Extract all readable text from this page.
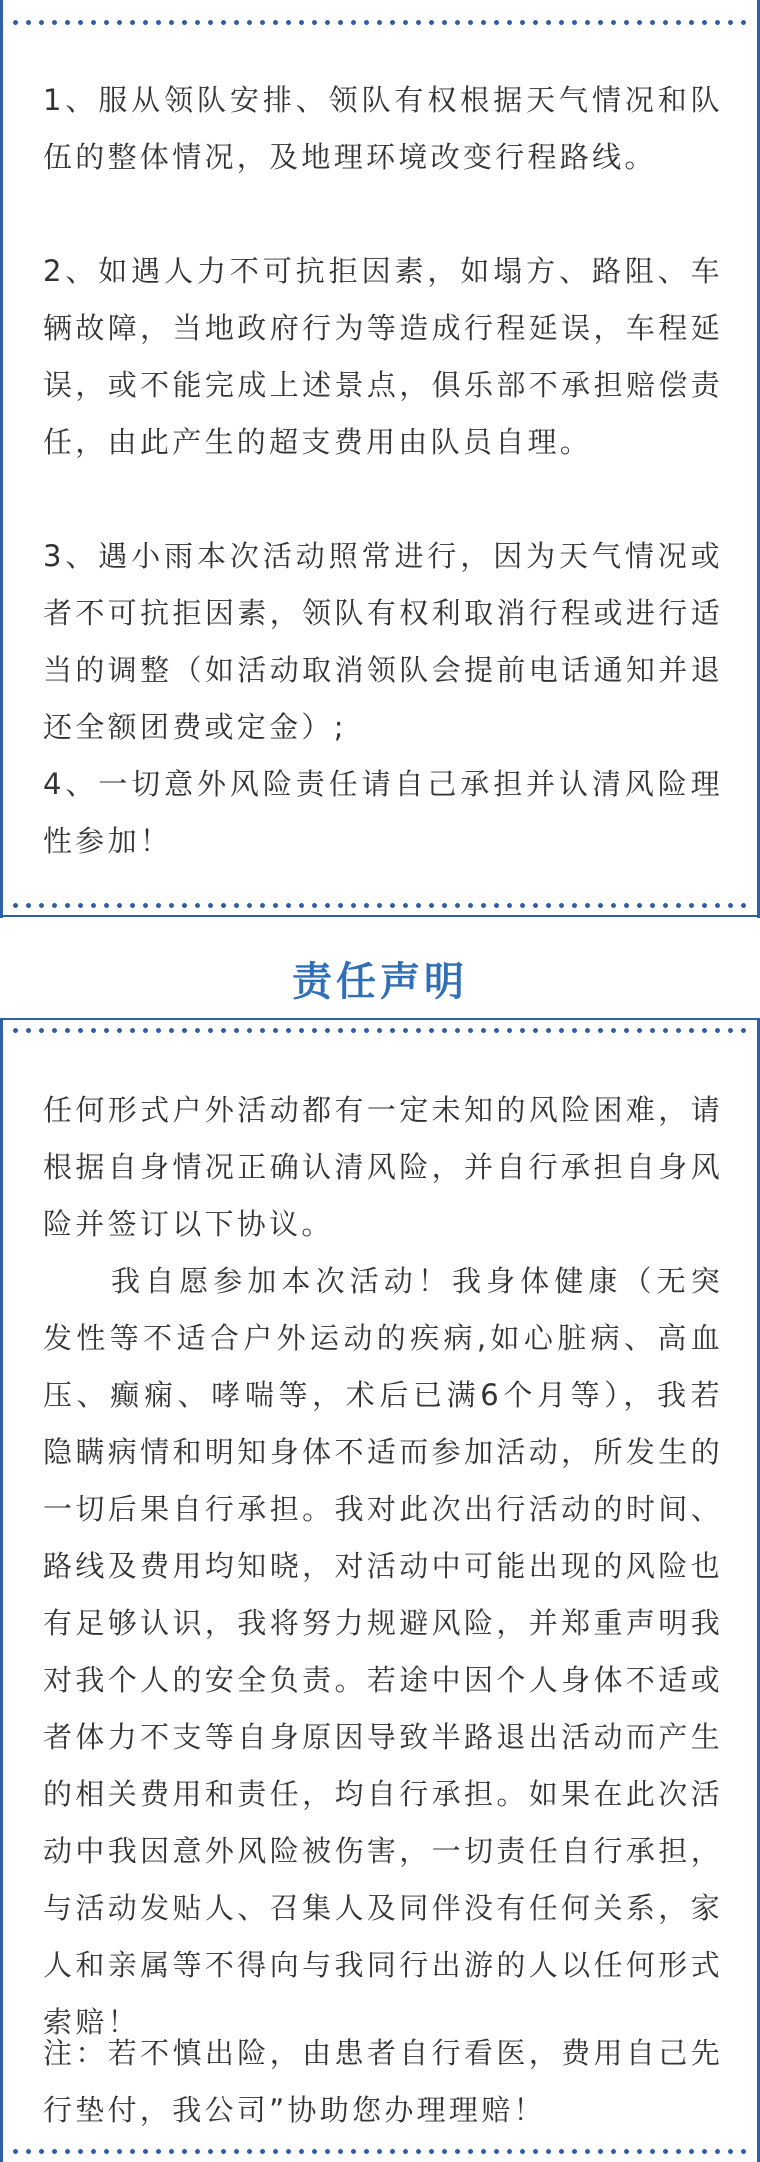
1、服从领队安排、领队有权根据天气情况和队伍的整体情况，及地理环境改变行程路线。

2、如遇人力不可抗拒因素，如塌方、路阻、车辆故障，当地政府行为等造成行程延误，车程延误，或不能完成上述景点，俱乐部不承担赔偿责任，由此产生的超支费用由队员自理。

3、遇小雨本次活动照常进行，因为天气情况或者不可抗拒因素，领队有权利取消行程或进行适当的调整（如活动取消领队会提前电话通知并退还全额团费或定金）;

4、一切意外风险责任请自己承担并认清风险理性参加！

责任声明

任何形式户外活动都有一定未知的风险困难，请根据自身情况正确认清风险，并自行承担自身风险并签订以下协议。

我自愿参加本次活动！我身体健康（无突发性等不适合户外运动的疾病,如心脏病、高血压、癫痫、哮喘等，术后已满6个月等），我若隐瞒病情和明知身体不适而参加活动，所发生的一切后果自行承担。我对此次出行活动的时间、路线及费用均知晓，对活动中可能出现的风险也有足够认识，我将努力规避风险，并郑重声明我对我个人的安全负责。若途中因个人身体不适或者体力不支等自身原因导致半路退出活动而产生的相关费用和责任，均自行承担。如果在此次活动中我因意外风险被伤害，一切责任自行承担，与活动发贴人、召集人及同伴没有任何关系，家人和亲属等不得向与我同行出游的人以任何形式索赔！

注：若不慎出险，由患者自行看医，费用自己先行垫付，我公司”协助您办理理赔！
